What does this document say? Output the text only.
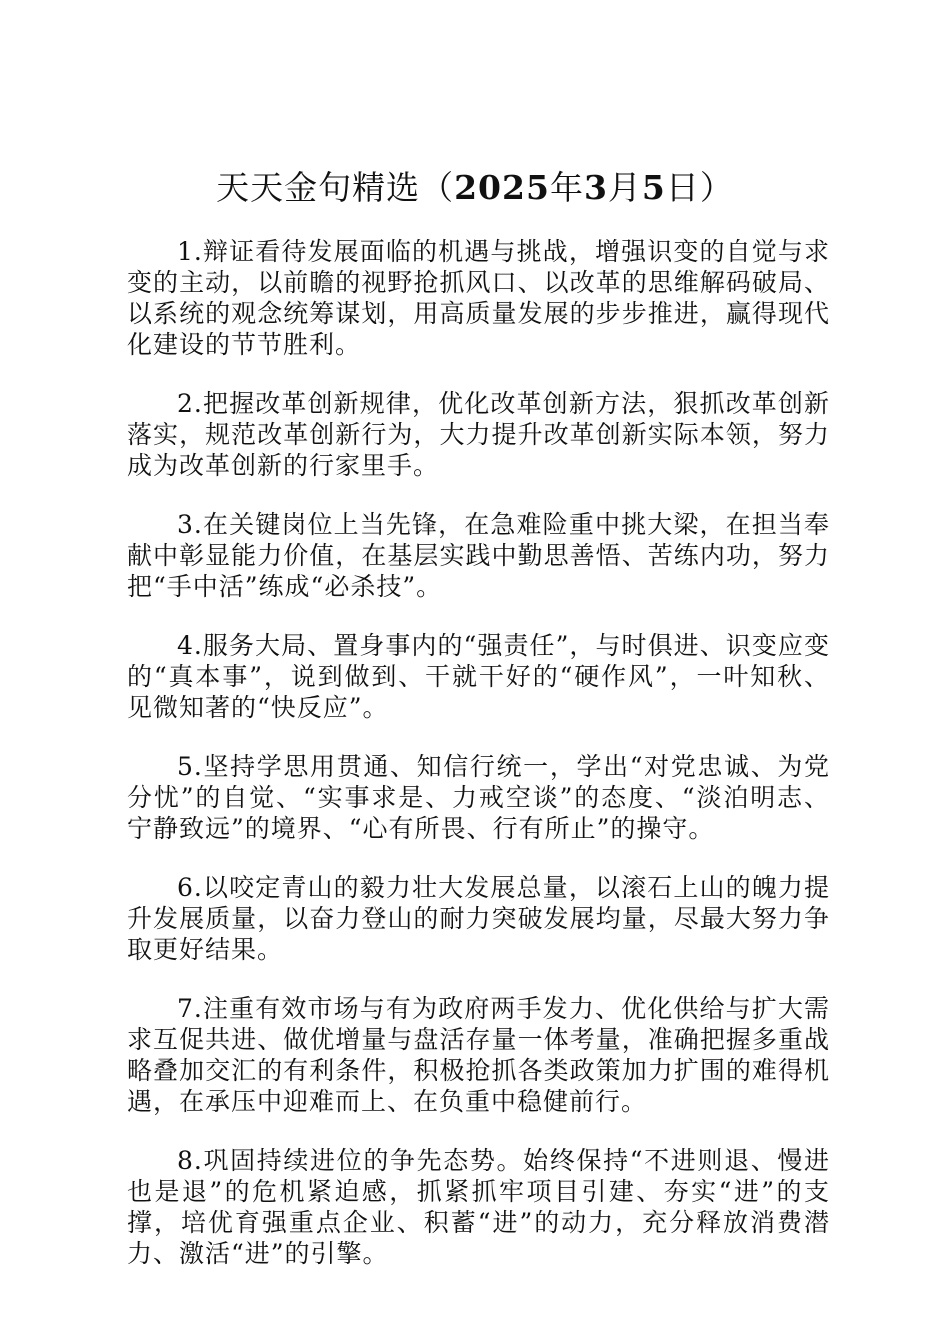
天天金句精选（2025年3月5日）

1.辩证看待发展面临的机遇与挑战，增强识变的自觉与求变的主动，以前瞻的视野抢抓风口、以改革的思维解码破局、以系统的观念统筹谋划，用高质量发展的步步推进，赢得现代化建设的节节胜利。

2.把握改革创新规律，优化改革创新方法，狠抓改革创新落实，规范改革创新行为，大力提升改革创新实际本领，努力成为改革创新的行家里手。

3.在关键岗位上当先锋，在急难险重中挑大梁，在担当奉献中彰显能力价值，在基层实践中勤思善悟、苦练内功，努力把“手中活”练成“必杀技”。

4.服务大局、置身事内的“强责任”，与时俱进、识变应变的“真本事”，说到做到、干就干好的“硬作风”，一叶知秋、见微知著的“快反应”。

5.坚持学思用贯通、知信行统一，学出“对党忠诚、为党分忧”的自觉、“实事求是、力戒空谈”的态度、“淡泊明志、宁静致远”的境界、“心有所畏、行有所止”的操守。

6.以咬定青山的毅力壮大发展总量，以滚石上山的魄力提升发展质量，以奋力登山的耐力突破发展均量，尽最大努力争取更好结果。

7.注重有效市场与有为政府两手发力、优化供给与扩大需求互促共进、做优增量与盘活存量一体考量，准确把握多重战略叠加交汇的有利条件，积极抢抓各类政策加力扩围的难得机遇，在承压中迎难而上、在负重中稳健前行。

8.巩固持续进位的争先态势。始终保持“不进则退、慢进也是退”的危机紧迫感，抓紧抓牢项目引建、夯实“进”的支撑，培优育强重点企业、积蓄“进”的动力，充分释放消费潜力、激活“进”的引擎。
